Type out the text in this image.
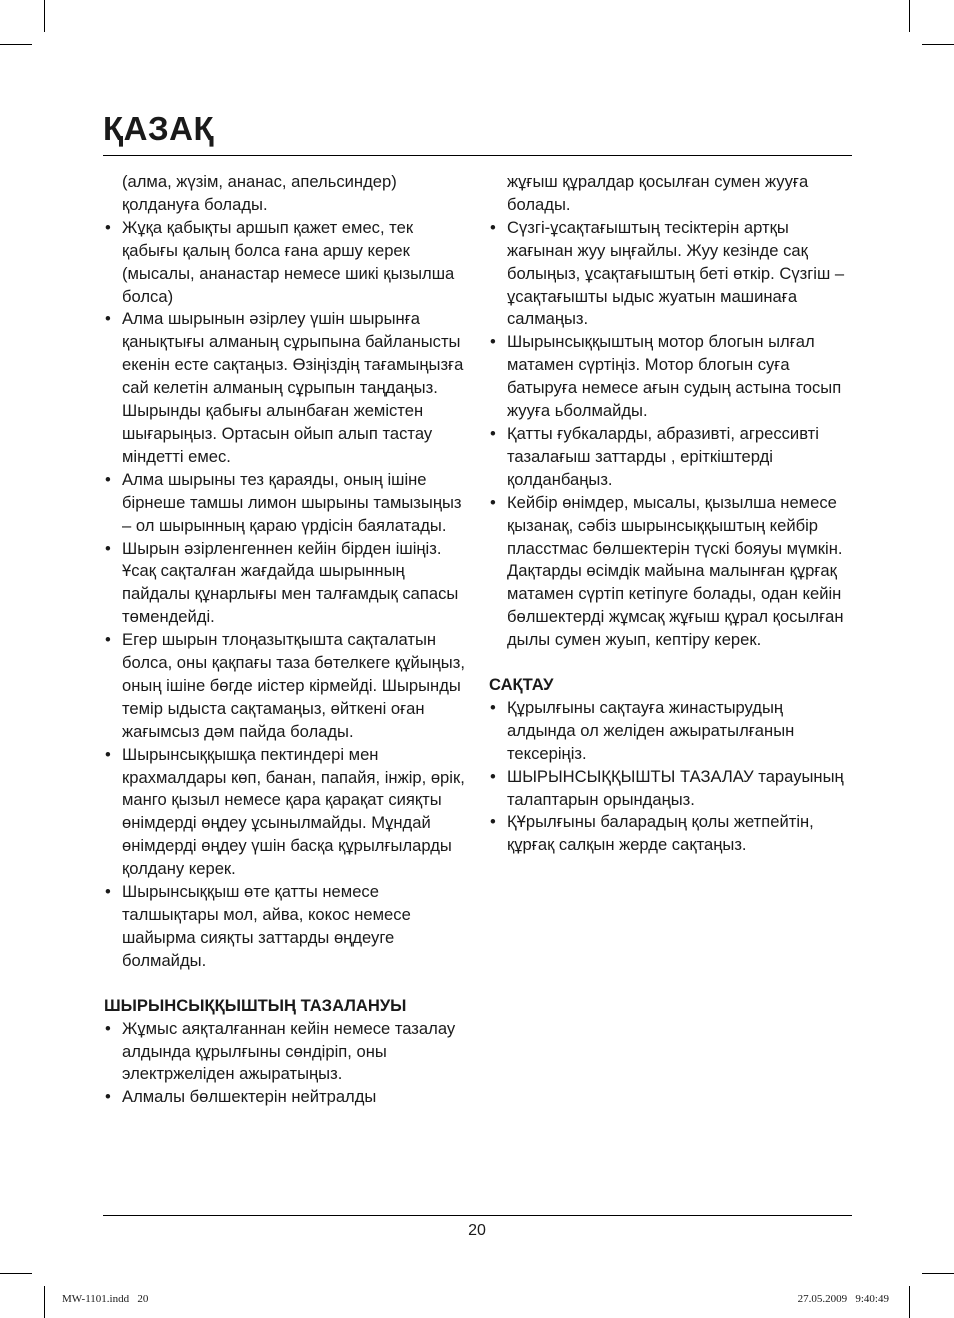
ҚАЗАҚ
(алма, жүзім, ананас, апельсиндер) қолдануға болады.
• Жұқа қабықты аршып қажет емес, тек қабығы қалың болса ғана аршу керек (мысалы, ананастар немесе шикі қызылша болса)
• Алма шырынын әзірлеу үшін шырынға қанықтығы алманың сұрыпына байланысты екенін есте сақтаңыз. Өзіңіздің тағамыңызға сай келетін алманың сұрыпын таңдаңыз. Шырынды қабығы алынбаған жемістен шығарыңыз. Ортасын ойып алып тастау міндетті емес.
• Алма шырыны тез қараяды, оның ішіне бірнеше тамшы лимон шырыны тамызыңыз – ол шырынның қараю үрдісін баялатады.
• Шырын әзірленгеннен кейін бірден ішіңіз. Ұсақ сақталған жағдайда шырынның пайдалы құнарлығы мен талғамдық сапасы төмендейді.
• Егер шырын тлоңазытқышта сақталатын болса, оны қақпағы таза бөтелкеге құйыңыз, оның ішіне бөгде иістер кірмейді. Шырынды темір ыдыста сақтамаңыз, өйткені оған жағымсыз дәм пайда болады.
• Шырынсыққышқа пектиндері мен крахмалдары көп, банан, папайя, інжір, өрік, манго қызыл немесе қара қарақат сияқты өнімдерді өңдеу ұсынылмайды. Мұндай өнімдерді өңдеу үшін басқа құрылғыларды қолдану керек.
• Шырынсыққыш өте қатты немесе талшықтары мол, айва, кокос немесе шайырма сияқты заттарды өңдеуге болмайды.
ШЫРЫНСЫҚҚЫШТЫҢ ТАЗАЛАНУЫ
• Жұмыс аяқталғаннан кейін немесе тазалау алдында құрылғыны сөндіріп, оны электржеліден ажыратыңыз.
• Алмалы бөлшектерін нейтралды
жұғыш құралдар қосылған сумен жууға болады.
• Сүзгі-ұсақтағыштың тесіктерін артқы жағынан жуу ыңғайлы. Жуу кезінде сақ болыңыз, ұсақтағыштың беті өткір. Сүзгіш –ұсақтағышты ыдыс жуатын машинаға салмаңыз.
• Шырынсыққыштың мотор блогын ылғал матамен сүртіңіз. Мотор блогын суға батыруға немесе ағын судың астына тосып жууға ьболмайды.
• Қатты ғубкаларды, абразивті, агрессивті тазалағыш заттарды , еріткіштерді қолданбаңыз.
• Кейбір өнімдер, мысалы, қызылша немесе қызанақ, сәбіз шырынсыққыштың кейбір пласстмас бөлшектерін түскі бояуы мүмкін. Дақтарды өсімдік майына малынған құрғақ матамен сүртіп кетіпуге болады, одан кейін бөлшектерді жұмсақ жұғыш құрал қосылған дылы сумен жуып, кептіру керек.
САҚТАУ
• Құрылғыны сақтауға жинастырудың алдында ол желіден ажыратылғанын тексеріңіз.
• ШЫРЫНСЫҚҚЫШТЫ ТАЗАЛАУ тарауының талаптарын орындаңыз.
• ҚҰрылғыны баларадың қолы жетпейтін, құрғақ салқын жерде сақтаңыз.
20
MW-1101.indd   20	27.05.2009   9:40:49
